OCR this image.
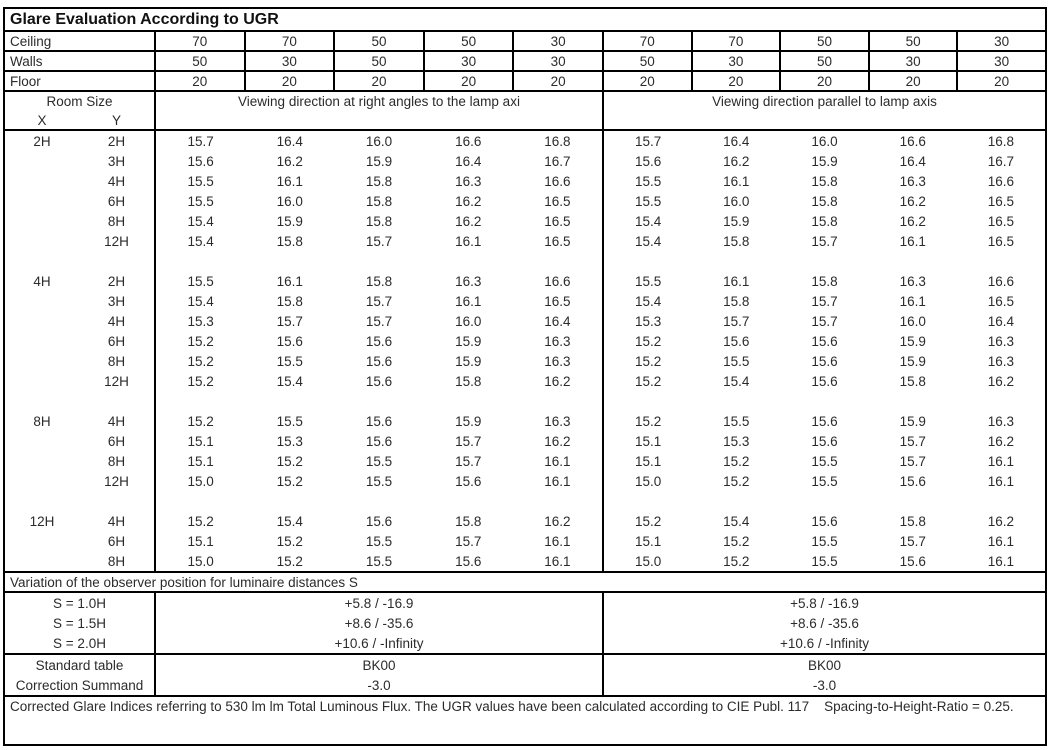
Glare Evaluation According to UGR
Ceiling	70	70	50	50	30	70	70	50	50	30
Walls	50	30	50	30	30	50	30	50	30	30
Floor	20	20	20	20	20	20	20	20	20	20
Room Size
X	Y
Viewing direction at right angles to the lamp axi	Viewing direction parallel to lamp axis
2H	2H	15.7	16.4	16.0	16.6	16.8	15.7	16.4	16.0	16.6	16.8
3H	15.6	16.2	15.9	16.4	16.7	15.6	16.2	15.9	16.4	16.7
4H	15.5	16.1	15.8	16.3	16.6	15.5	16.1	15.8	16.3	16.6
6H	15.5	16.0	15.8	16.2	16.5	15.5	16.0	15.8	16.2	16.5
8H	15.4	15.9	15.8	16.2	16.5	15.4	15.9	15.8	16.2	16.5
12H	15.4	15.8	15.7	16.1	16.5	15.4	15.8	15.7	16.1	16.5
4H	2H	15.5	16.1	15.8	16.3	16.6	15.5	16.1	15.8	16.3	16.6
3H	15.4	15.8	15.7	16.1	16.5	15.4	15.8	15.7	16.1	16.5
4H	15.3	15.7	15.7	16.0	16.4	15.3	15.7	15.7	16.0	16.4
6H	15.2	15.6	15.6	15.9	16.3	15.2	15.6	15.6	15.9	16.3
8H	15.2	15.5	15.6	15.9	16.3	15.2	15.5	15.6	15.9	16.3
12H	15.2	15.4	15.6	15.8	16.2	15.2	15.4	15.6	15.8	16.2
8H	4H	15.2	15.5	15.6	15.9	16.3	15.2	15.5	15.6	15.9	16.3
6H	15.1	15.3	15.6	15.7	16.2	15.1	15.3	15.6	15.7	16.2
8H	15.1	15.2	15.5	15.7	16.1	15.1	15.2	15.5	15.7	16.1
12H	15.0	15.2	15.5	15.6	16.1	15.0	15.2	15.5	15.6	16.1
12H	4H	15.2	15.4	15.6	15.8	16.2	15.2	15.4	15.6	15.8	16.2
6H	15.1	15.2	15.5	15.7	16.1	15.1	15.2	15.5	15.7	16.1
8H	15.0	15.2	15.5	15.6	16.1	15.0	15.2	15.5	15.6	16.1
Variation of the observer position for luminaire distances S
S = 1.0H	+5.8 / -16.9	+5.8 / -16.9
S = 1.5H	+8.6 / -35.6	+8.6 / -35.6
S = 2.0H	+10.6 / -Infinity	+10.6 / -Infinity
Standard table	BK00	BK00
Correction Summand	-3.0	-3.0
Corrected Glare Indices referring to 530 lm lm Total Luminous Flux. The UGR values have been calculated according to CIE Publ. 117    Spacing-to-Height-Ratio = 0.25.
